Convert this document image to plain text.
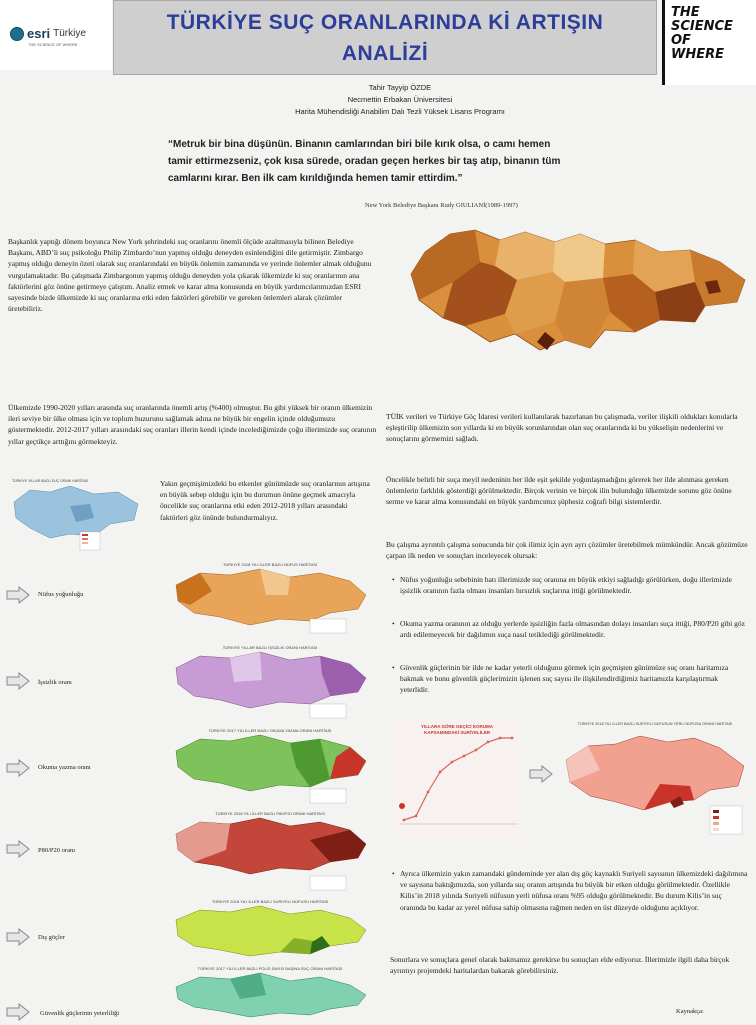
esri Türkiye
THE SCIENCE OF WHERE
TÜRKİYE SUÇ ORANLARINDA Kİ ARTIŞIN
ANALİZİ
THE
SCIENCE
OF
WHERE
Tahir Tayyip ÖZDE
Necmettin Erbakan Üniversitesi
Harita Mühendisliği Anabilim Dalı Tezli Yüksek Lisans Programı
“Metruk bir bina düşünün. Binanın camlarından biri bile kırık olsa, o camı hemen tamir ettirmezseniz, çok kısa sürede, oradan geçen herkes bir taş atıp, binanın tüm camlarını kırar. Ben ilk cam kırıldığında hemen tamir ettirdim.”
New York Belediye Başkanı Rudy GIULIANİ(1989-1997)
Başkanlık yaptığı dönem boyunca New York şehrindeki suç oranlarını önemli ölçüde azaltmasıyla bilinen Belediye Başkanı, ABD’li suç psikoloğu Philip Zimbardo’nun yapmış olduğu deneyden esinlendiğini dile getirmiştir. Zimbargo yapmış olduğu deneyin özeti olarak suç oranlarındaki en büyük önlemin zamanında ve yerinde önlemler almak olduğunu vurgulamaktadır. Bu çalışmada Zimbargonun yapmış olduğu deneyden yola çıkarak ülkemizde ki suç oranlarının ana faktörlerini göz önüne getirmeye çalıştım. Analiz etmek ve karar alma konusunda en büyük yardımcılarımızdan ESRI sayesinde bizde ülkemizde ki suç oranlarına etki eden faktörleri görebilir ve gereken önlemleri alarak çözümler üretebiliriz.
Ülkemizde 1990-2020 yılları arasında suç oranlarında önemli artış (%400) olmuştur. Bu gibi yüksek bir oranın ülkemizin ileri seviye bir ülke olması için ve toplum huzurunu sağlamak adına ne büyük bir engelin içinde olduğumuzu göstermektedir. 2012-2017 yılları arasındaki suç oranları illerin kendi içinde incelediğimizde çoğu illerimizde suç oranının yıllar geçtikçe arttığını görmekteyiz.
TÜRKİYE YILLAR BAZLI SUÇ ORANI HARİTASI	Yakın geçmişimizdeki bu etkenler günümüzde suç oranlarının artışına en büyük sebep olduğu için bu durumun önüne geçmek amacıyla öncelikle suç oranlarına etki eden 2012-2018 yılları arasındaki faktörleri göz önünde bulundurmalıyız.
Nüfus yoğunluğu
TÜRKİYE 2018 YILI İLLER BAZLI NÜFUS HARİTASI
İşsizlik oranı
TÜRKİYE YILLAR BAZLI İŞSİZLİK ORANI HARİTASI
Okuma yazma oranı
TÜRKİYE 2017 YILI İLLER BAZLI OKUMA YAZMA ORANI HARİTASI
P80/P20 oranı
TÜRKİYE 2018 YILI İLLER BAZLI P80/P20 ORANI HARİTASI
Dış göçler
TÜRKİYE 2018 YILI İLLER BAZLI SURİYELİ NÜFUSU HARİTASI
Güvenlik güçlerinin yeterliliği
TÜRKİYE 2017 YILI İLLER BAZLI POLİS SAYISI BAŞINA SUÇ ORANI HARİTASI
TÜİK verileri ve Türkiye Göç İdaresi verileri kullanılarak hazırlanan bu çalışmada, veriler ilişkili oldukları konularla eşleştirilip ülkemizin son yıllarda ki en büyük sorunlarından olan suç oranlarında ki bu yükselişin nedenlerini ve sonuçlarını görmemizi sağladı.
Öncelikle belirli bir suça meyil nedeninin her ilde eşit şekilde yoğunlaşmadığını görerek her ilde alınması gereken önlemlerin farklılık gösterdiği görülmektedir. Birçok verinin ve birçok ilin bulunduğu ülkemizde sorunu göz önüne serme ve karar alma konusundaki en büyük yardımcımız şüphesiz coğrafi bilgi sistemlerdir.
Bu çalışma ayrıntılı çalışma sonucunda bir çok ilimiz için ayrı ayrı çözümler üretebilmek mümkündür. Ancak gözümüze çarpan ilk neden ve sonuçları inceleyecek olursak:
• Nüfus yoğunluğu sebebinin batı illerimizde suç oranına en büyük etkiyi sağladığı görülürken, doğu illerimizde işsizlik oranının fazla olması insanları hırsızlık suçlarına ittiği görülmektedir.
• Okuma yazma oranının az olduğu yerlerde işsizliğin fazla olmasından dolayı insanları suça ittiği, P80/P20 gibi göz ardı edilemeyecek bir dağılımın suça nasıl tetiklediği görülmektedir.
• Güvenlik güçlerinin bir ilde ne kadar yeterli olduğunu görmek için geçmişten günümüze suç oranı haritamıza bakmak ve bunu güvenlik güçlerimizin işlenen suç sayısı ile ilişkilendirdiğimiz haritamızla karşılaştırmak yeterlidir.
YILLARA GÖRE GEÇİCİ KORUMA
KAPSAMINDAKİ SURİYELİLER
TÜRKİYE 2018 YILI İLLER BAZLI SURİYELİ NÜFUSUN YERLİ NÜFUSA ORANI HARİTASI
• Ayrıca ülkemizin yakın zamandaki gündeminde yer alan dış göç kaynaklı Suriyeli sayısının ülkemizdeki dağılımına ve sayısına baktığımızda, son yıllarda suç oranın artışında bu büyük bir etken olduğu görülmektedir. Özellikle Kilis’in 2018 yılında Suriyeli nüfusun yerli nüfusa oranı %95 olduğu görülmektedir. Bu durum Kilis’in suç oranında bu kadar az yerel nüfusa sahip olmasına rağmen neden en üst düzeyde olduğunu açıklıyor.
Sonurlara ve sonuçlara genel olarak bakmamız gerekirse bu sonuçları elde ediyoruz. İllerimizle ilgili daha birçok ayrıntıyı projemdeki haritalardan bakarak görebilirsiniz.
Kaynakça:
